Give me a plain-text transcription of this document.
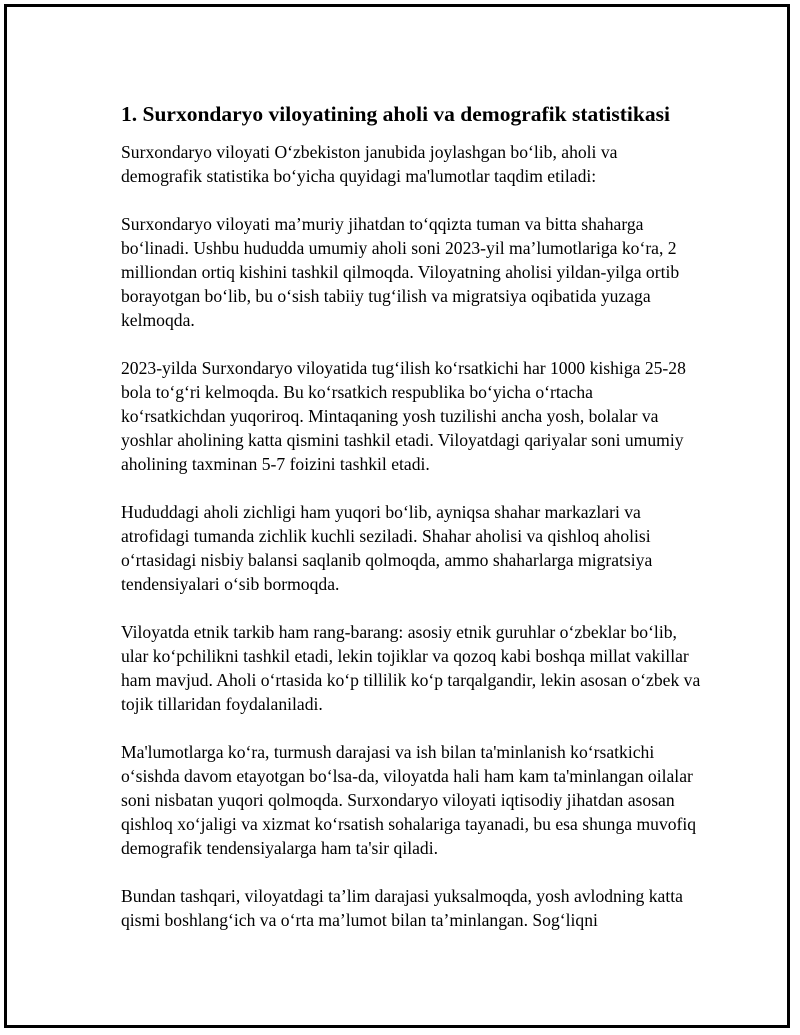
1. Surxondaryo viloyatining aholi va demografik statistikasi

Surxondaryo viloyati O‘zbekiston janubida joylashgan bo‘lib, aholi va demografik statistika bo‘yicha quyidagi ma'lumotlar taqdim etiladi:

Surxondaryo viloyati ma’muriy jihatdan to‘qqizta tuman va bitta shaharga bo‘linadi. Ushbu hududda umumiy aholi soni 2023-yil ma’lumotlariga ko‘ra, 2 milliondan ortiq kishini tashkil qilmoqda. Viloyatning aholisi yildan-yilga ortib borayotgan bo‘lib, bu o‘sish tabiiy tug‘ilish va migratsiya oqibatida yuzaga kelmoqda.

2023-yilda Surxondaryo viloyatida tug‘ilish ko‘rsatkichi har 1000 kishiga 25-28 bola to‘g‘ri kelmoqda. Bu ko‘rsatkich respublika bo‘yicha o‘rtacha ko‘rsatkichdan yuqoriroq. Mintaqaning yosh tuzilishi ancha yosh, bolalar va yoshlar aholining katta qismini tashkil etadi. Viloyatdagi qariyalar soni umumiy aholining taxminan 5-7 foizini tashkil etadi.

Hududdagi aholi zichligi ham yuqori bo‘lib, ayniqsa shahar markazlari va atrofidagi tumanda zichlik kuchli seziladi. Shahar aholisi va qishloq aholisi o‘rtasidagi nisbiy balansi saqlanib qolmoqda, ammo shaharlarga migratsiya tendensiyalari o‘sib bormoqda.

Viloyatda etnik tarkib ham rang-barang: asosiy etnik guruhlar o‘zbeklar bo‘lib, ular ko‘pchilikni tashkil etadi, lekin tojiklar va qozoq kabi boshqa millat vakillar ham mavjud. Aholi o‘rtasida ko‘p tillilik ko‘p tarqalgandir, lekin asosan o‘zbek va tojik tillaridan foydalaniladi.

Ma'lumotlarga ko‘ra, turmush darajasi va ish bilan ta'minlanish ko‘rsatkichi o‘sishda davom etayotgan bo‘lsa-da, viloyatda hali ham kam ta'minlangan oilalar soni nisbatan yuqori qolmoqda. Surxondaryo viloyati iqtisodiy jihatdan asosan qishloq xo‘jaligi va xizmat ko‘rsatish sohalariga tayanadi, bu esa shunga muvofiq demografik tendensiyalarga ham ta'sir qiladi.

Bundan tashqari, viloyatdagi ta’lim darajasi yuksalmoqda, yosh avlodning katta qismi boshlang‘ich va o‘rta ma’lumot bilan ta’minlangan. Sog‘liqni
